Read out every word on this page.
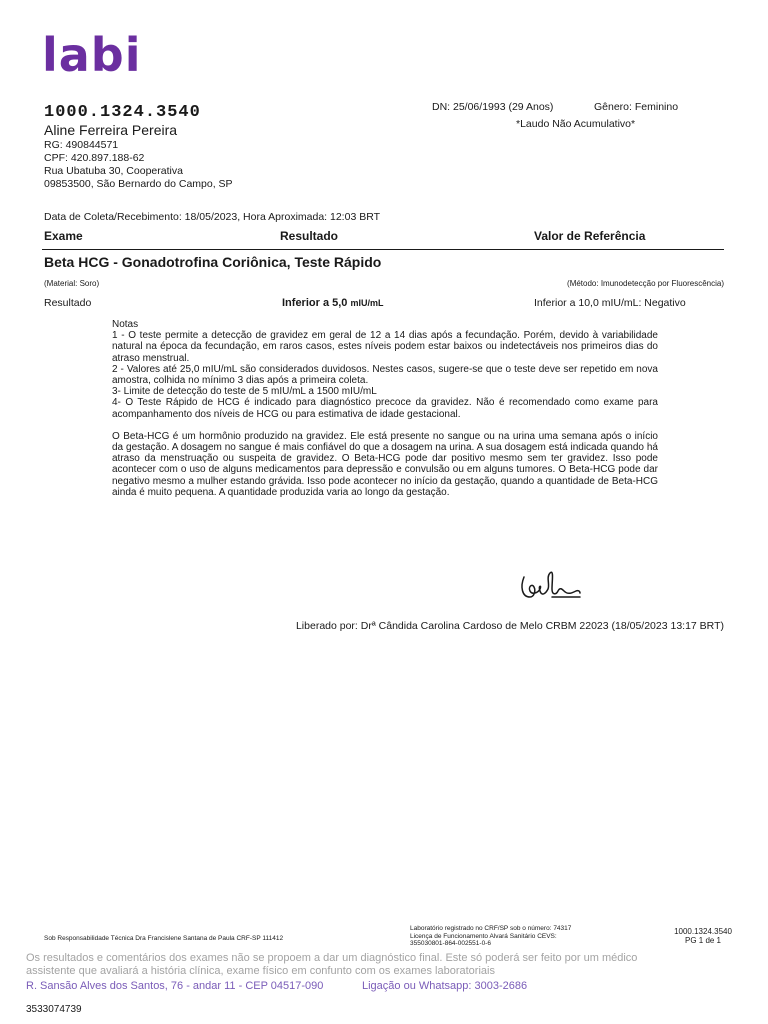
labi
1000.1324.3540
Aline Ferreira Pereira
RG: 490844571
CPF: 420.897.188-62
Rua Ubatuba 30, Cooperativa
09853500, São Bernardo do Campo, SP
DN: 25/06/1993 (29 Anos)	Gênero: Feminino
*Laudo Não Acumulativo*
Data de Coleta/Recebimento: 18/05/2023, Hora Aproximada: 12:03 BRT
Exame	Resultado	Valor de Referência
Beta HCG - Gonadotrofina Coriônica, Teste Rápido
(Material: Soro)	(Método: Imunodetecção por Fluorescência)
Resultado	Inferior a 5,0 mIU/mL	Inferior a 10,0 mIU/mL: Negativo

Notas

1 - O teste permite a detecção de gravidez em geral de 12 a 14 dias após a fecundação. Porém, devido à variabilidade natural na época da fecundação, em raros casos, estes níveis podem estar baixos ou indetectáveis nos primeiros dias do atraso menstrual.

2 - Valores até 25,0 mIU/mL são considerados duvidosos. Nestes casos, sugere-se que o teste deve ser repetido em nova amostra, colhida no mínimo 3 dias após a primeira coleta.

3- Limite de detecção do teste de 5 mIU/mL a 1500 mIU/mL

4- O Teste Rápido de HCG é indicado para diagnóstico precoce da gravidez. Não é recomendado como exame para acompanhamento dos níveis de HCG ou para estimativa de idade gestacional.

O Beta-HCG é um hormônio produzido na gravidez. Ele está presente no sangue ou na urina uma semana após o início da gestação. A dosagem no sangue é mais confiável do que a dosagem na urina. A sua dosagem está indicada quando há atraso da menstruação ou suspeita de gravidez. O Beta-HCG pode dar positivo mesmo sem ter gravidez. Isso pode acontecer com o uso de alguns medicamentos para depressão e convulsão ou em alguns tumores. O Beta-HCG pode dar negativo mesmo a mulher estando grávida. Isso pode acontecer no início da gestação, quando a quantidade de Beta-HCG ainda é muito pequena. A quantidade produzida varia ao longo da gestação.

Liberado por: Drª Cândida Carolina Cardoso de Melo CRBM 22023 (18/05/2023 13:17 BRT)
Sob Responsabilidade Técnica Dra Francislene Santana de Paula CRF-SP 111412
Laboratório registrado no CRF/SP sob o número: 74317
Licença de Funcionamento Alvará Sanitário CEVS:
355030801-864-002551-0-6
1000.1324.3540
PG 1 de 1
Os resultados e comentários dos exames não se propoem a dar um diagnóstico final. Este só poderá ser feito por um médico assistente que avaliará a história clínica, exame físico em confunto com os exames laboratoriais
R. Sansão Alves dos Santos, 76 - andar 11 - CEP 04517-090	Ligação ou Whatsapp: 3003-2686
3533074739
